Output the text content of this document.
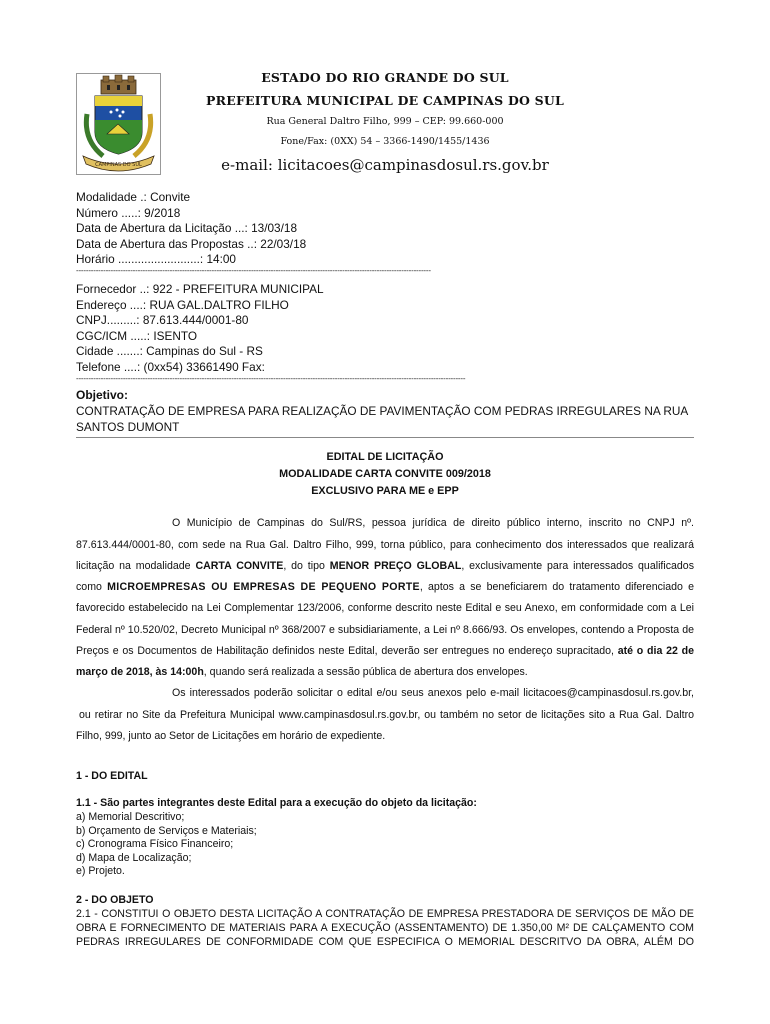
CAMPINAS DO SUL
ESTADO DO RIO GRANDE DO SUL
PREFEITURA MUNICIPAL DE CAMPINAS DO SUL
Rua General Daltro Filho, 999 – CEP: 99.660-000
Fone/Fax: (0XX) 54 – 3366-1490/1455/1436
e-mail: licitacoes@campinasdosul.rs.gov.br
Modalidade .: Convite
Número .....: 9/2018
Data de Abertura da Licitação ...: 13/03/18
Data de Abertura das Propostas ..: 22/03/18
Horário .........................: 14:00
------------------------------------------------------------------------------------------------------------------------------------------------
Fornecedor ..: 922 - PREFEITURA MUNICIPAL
Endereço ....: RUA GAL.DALTRO FILHO
CNPJ.........: 87.613.444/0001-80
CGC/ICM .....: ISENTO
Cidade .......: Campinas do Sul - RS
Telefone ....: (0xx54) 33661490 Fax:
--------------------------------------------------------------------------------------------------------------------------------------------------------------
Objetivo:
CONTRATAÇÃO DE EMPRESA PARA REALIZAÇÃO DE PAVIMENTAÇÃO COM PEDRAS IRREGULARES NA RUA
SANTOS DUMONT
EDITAL DE LICITAÇÃO
MODALIDADE CARTA CONVITE 009/2018
EXCLUSIVO PARA ME e EPP
O Município de Campinas do Sul/RS, pessoa jurídica de direito público interno, inscrito no CNPJ nº.
87.613.444/0001-80, com sede na Rua Gal. Daltro Filho, 999, torna público, para conhecimento dos interessados que realizará
licitação na modalidade CARTA CONVITE, do tipo MENOR PREÇO GLOBAL, exclusivamente para interessados qualificados
como MICROEMPRESAS OU EMPRESAS DE PEQUENO PORTE, aptos a se beneficiarem do tratamento diferenciado e
favorecido estabelecido na Lei Complementar 123/2006, conforme descrito neste Edital e seu Anexo, em conformidade com a Lei
Federal nº 10.520/02, Decreto Municipal nº 368/2007 e subsidiariamente, a Lei nº 8.666/93. Os envelopes, contendo a Proposta de
Preços e os Documentos de Habilitação definidos neste Edital, deverão ser entregues no endereço supracitado, até o dia 22 de
março de 2018, às 14:00h, quando será realizada a sessão pública de abertura dos envelopes.
Os interessados poderão solicitar o edital e/ou seus anexos pelo e-mail licitacoes@campinasdosul.rs.gov.br,
ou retirar no Site da Prefeitura Municipal www.campinasdosul.rs.gov.br, ou também no setor de licitações sito a Rua Gal. Daltro
Filho, 999, junto ao Setor de Licitações em horário de expediente.
1 - DO EDITAL
1.1 - São partes integrantes deste Edital para a execução do objeto da licitação:
a) Memorial Descritivo;
b) Orçamento de Serviços e Materiais;
c) Cronograma Físico Financeiro;
d) Mapa de Localização;
e) Projeto.
2 - DO OBJETO
2.1 - CONSTITUI O OBJETO DESTA LICITAÇÃO A CONTRATAÇÃO DE EMPRESA PRESTADORA DE SERVIÇOS DE MÃO DE
OBRA E FORNECIMENTO DE MATERIAIS PARA A EXECUÇÃO (ASSENTAMENTO) DE 1.350,00 M² DE CALÇAMENTO COM
PEDRAS IRREGULARES DE CONFORMIDADE COM QUE ESPECIFICA O MEMORIAL DESCRITVO DA OBRA, ALÉM DO
